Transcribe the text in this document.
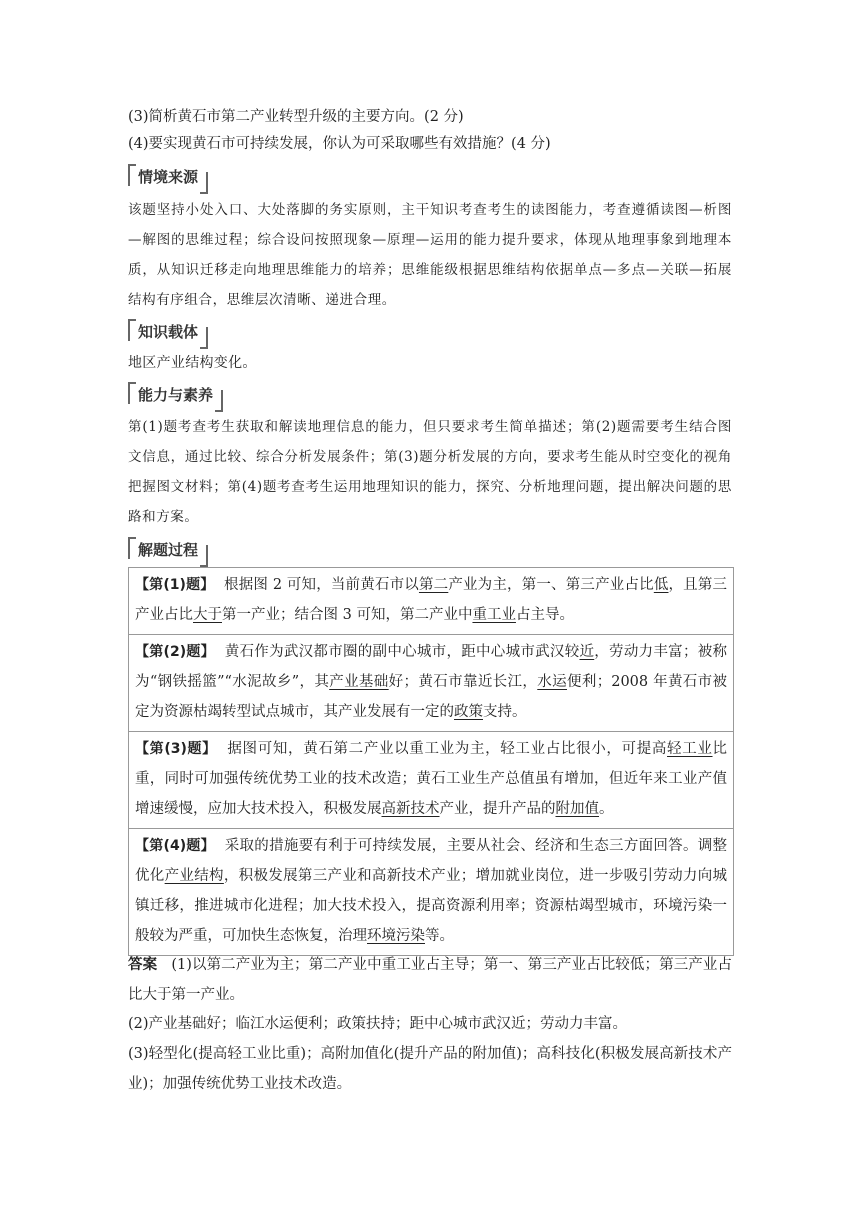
(3)简析黄石市第二产业转型升级的主要方向。(2 分)
(4)要实现黄石市可持续发展，你认为可采取哪些有效措施？(4 分)
情境来源
该题坚持小处入口、大处落脚的务实原则，主干知识考查考生的读图能力，考查遵循读图—析图—解图的思维过程；综合设问按照现象—原理—运用的能力提升要求，体现从地理事象到地理本质，从知识迁移走向地理思维能力的培养；思维能级根据思维结构依据单点—多点—关联—拓展结构有序组合，思维层次清晰、递进合理。
知识载体
地区产业结构变化。
能力与素养
第(1)题考查考生获取和解读地理信息的能力，但只要求考生简单描述；第(2)题需要考生结合图文信息，通过比较、综合分析发展条件；第(3)题分析发展的方向，要求考生能从时空变化的视角把握图文材料；第(4)题考查考生运用地理知识的能力，探究、分析地理问题，提出解决问题的思路和方案。
解题过程
【第(1)题】 根据图 2 可知，当前黄石市以第二产业为主，第一、第三产业占比低，且第三产业占比大于第一产业；结合图 3 可知，第二产业中重工业占主导。
【第(2)题】 黄石作为武汉都市圈的副中心城市，距中心城市武汉较近，劳动力丰富；被称为“钢铁摇篮”“水泥故乡”，其产业基础好；黄石市靠近长江，水运便利；2008 年黄石市被定为资源枯竭转型试点城市，其产业发展有一定的政策支持。
【第(3)题】 据图可知，黄石第二产业以重工业为主，轻工业占比很小，可提高轻工业比重，同时可加强传统优势工业的技术改造；黄石工业生产总值虽有增加，但近年来工业产值增速缓慢，应加大技术投入，积极发展高新技术产业，提升产品的附加值。
【第(4)题】 采取的措施要有利于可持续发展，主要从社会、经济和生态三方面回答。调整优化产业结构，积极发展第三产业和高新技术产业；增加就业岗位，进一步吸引劳动力向城镇迁移，推进城市化进程；加大技术投入，提高资源利用率；资源枯竭型城市，环境污染一般较为严重，可加快生态恢复，治理环境污染等。
答案 (1)以第二产业为主；第二产业中重工业占主导；第一、第三产业占比较低；第三产业占比大于第一产业。
(2)产业基础好；临江水运便利；政策扶持；距中心城市武汉近；劳动力丰富。
(3)轻型化(提高轻工业比重)；高附加值化(提升产品的附加值)；高科技化(积极发展高新技术产业)；加强传统优势工业技术改造。
